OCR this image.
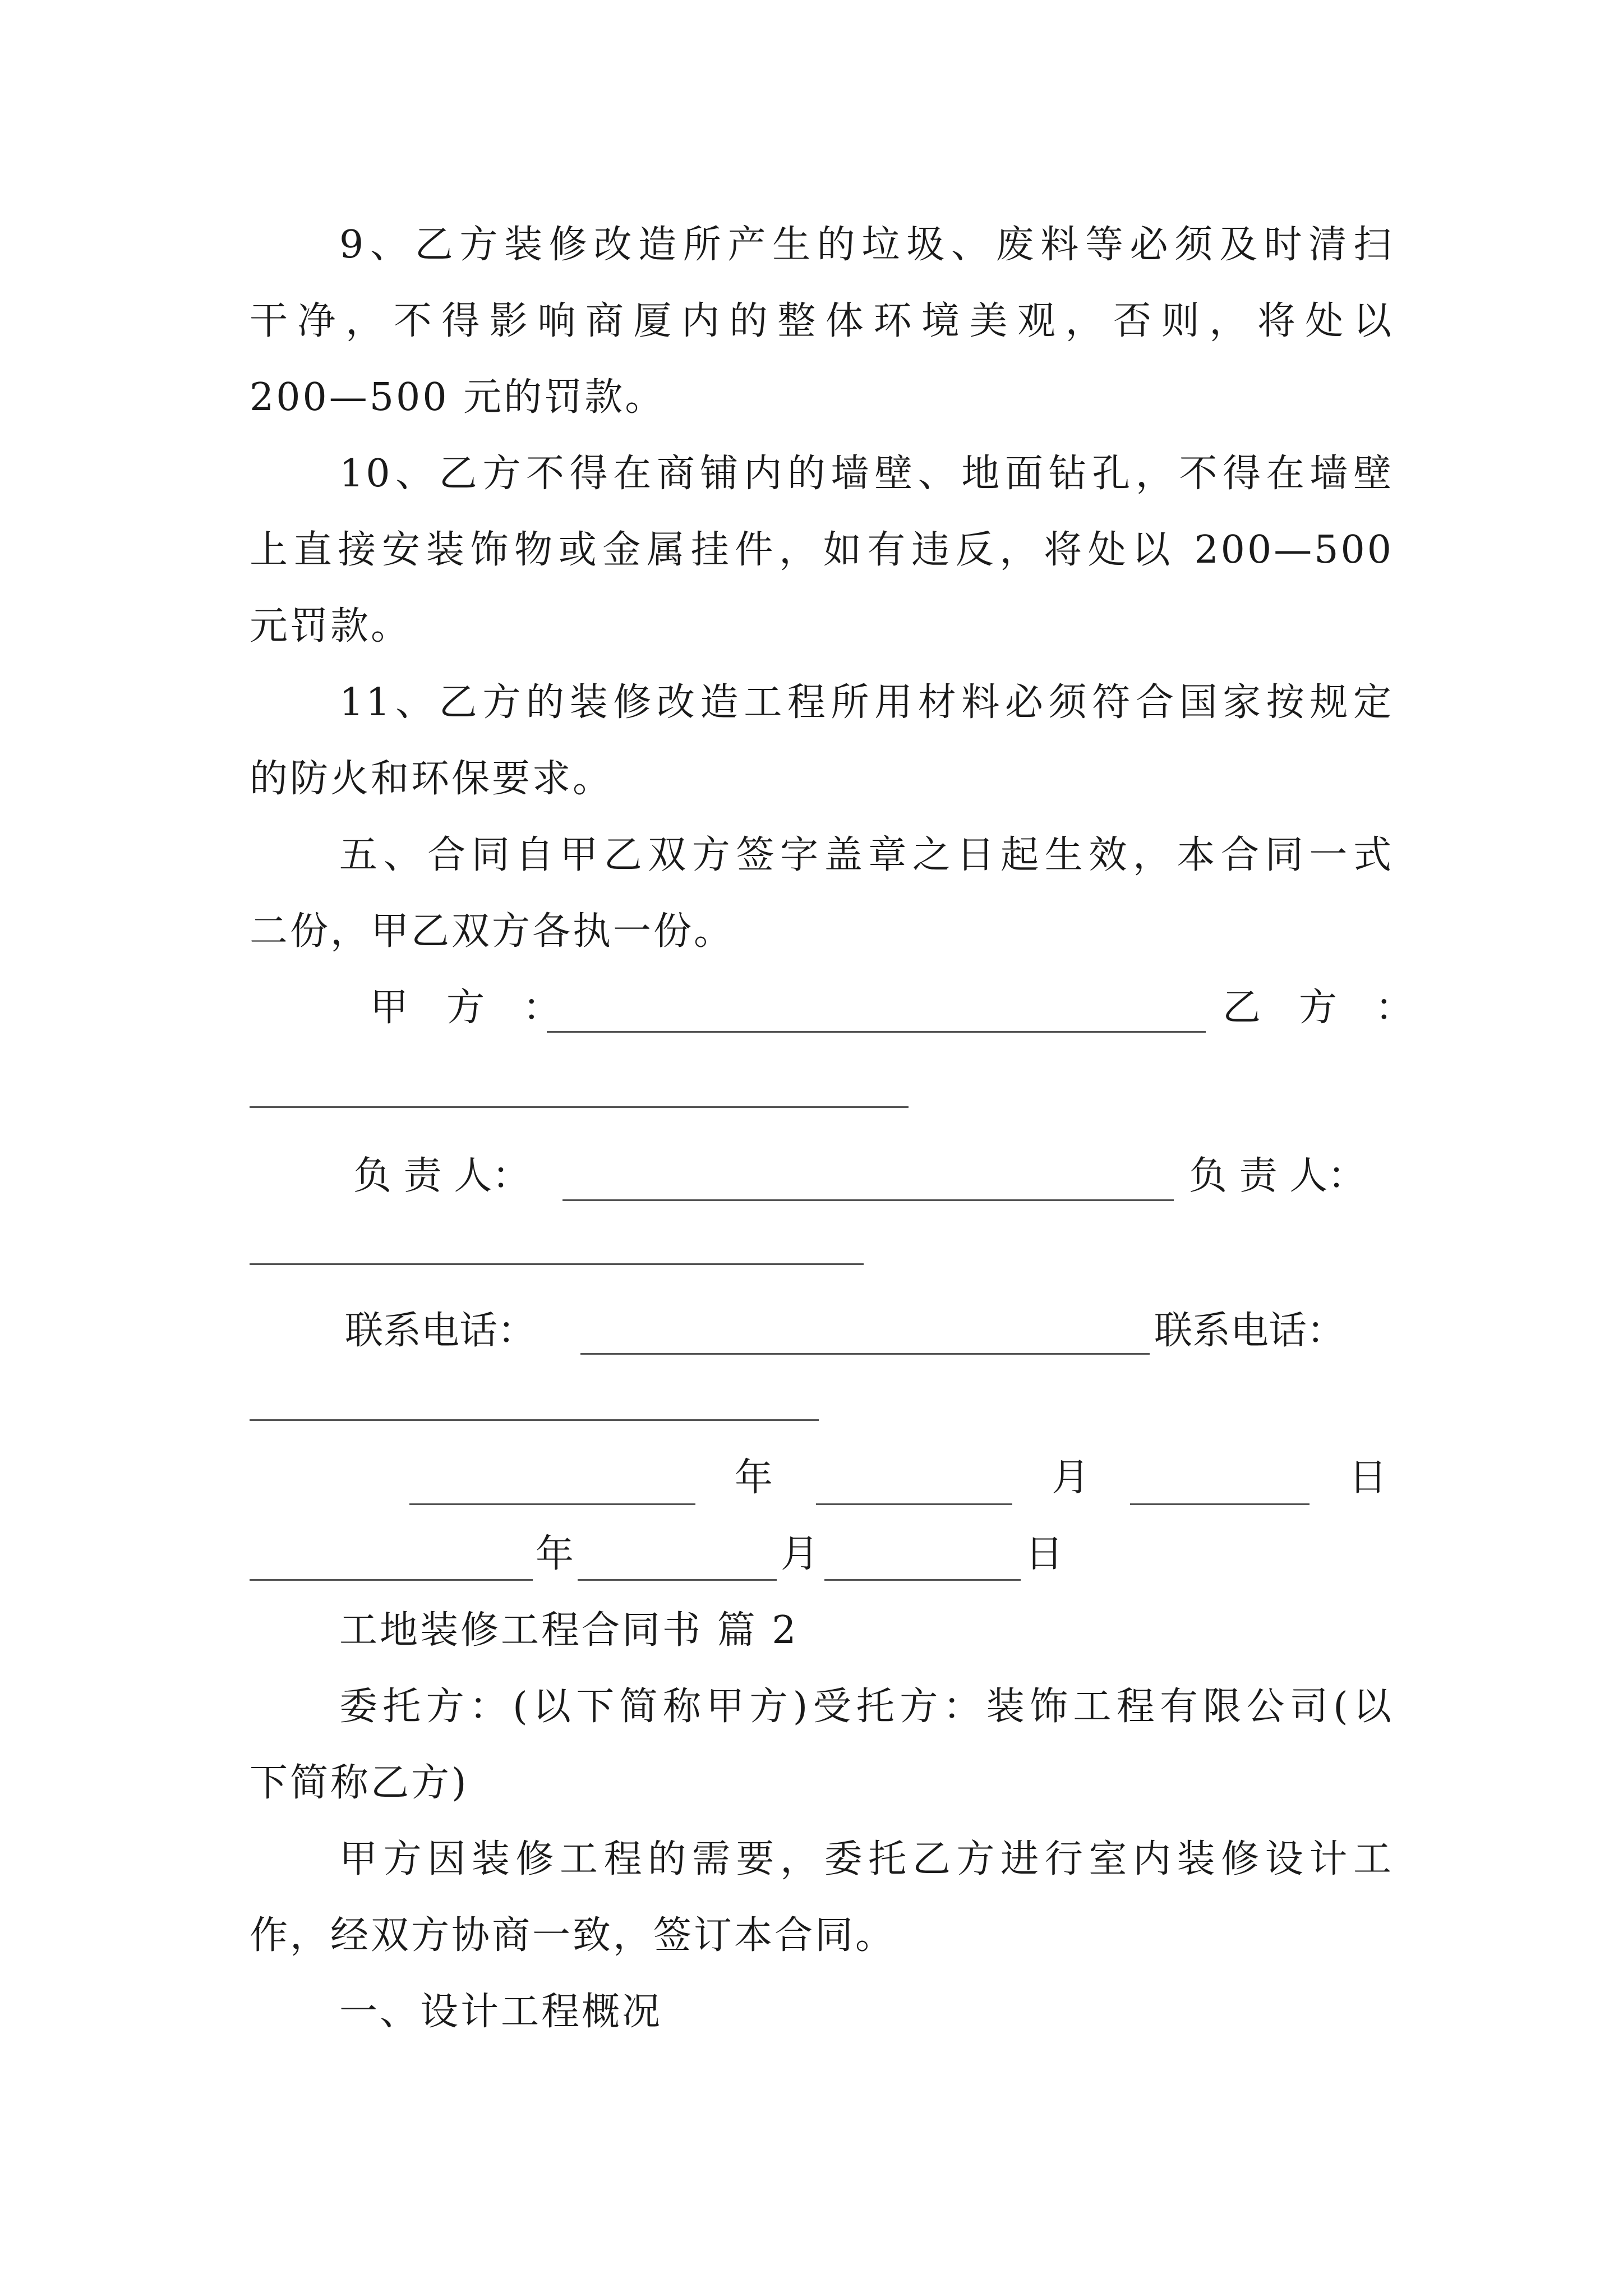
9、乙方装修改造所产生的垃圾、废料等必须及时清扫
干净，不得影响商厦内的整体环境美观，否则，将处以
200—500 元的罚款。
10、乙方不得在商铺内的墙壁、地面钻孔，不得在墙壁
上直接安装饰物或金属挂件，如有违反，将处以 200—500
元罚款。
11、乙方的装修改造工程所用材料必须符合国家按规定
的防火和环保要求。
五、合同自甲乙双方签字盖章之日起生效，本合同一式
二份，甲乙双方各执一份。
甲　方　：	乙　方　：
负 责 人：	负 责 人：
联系电话：	联系电话：
年	月	日
年	月	日
工地装修工程合同书 篇 2
委托方：(以下简称甲方)受托方：装饰工程有限公司(以
下简称乙方)
甲方因装修工程的需要，委托乙方进行室内装修设计工
作，经双方协商一致，签订本合同。
一、设计工程概况
